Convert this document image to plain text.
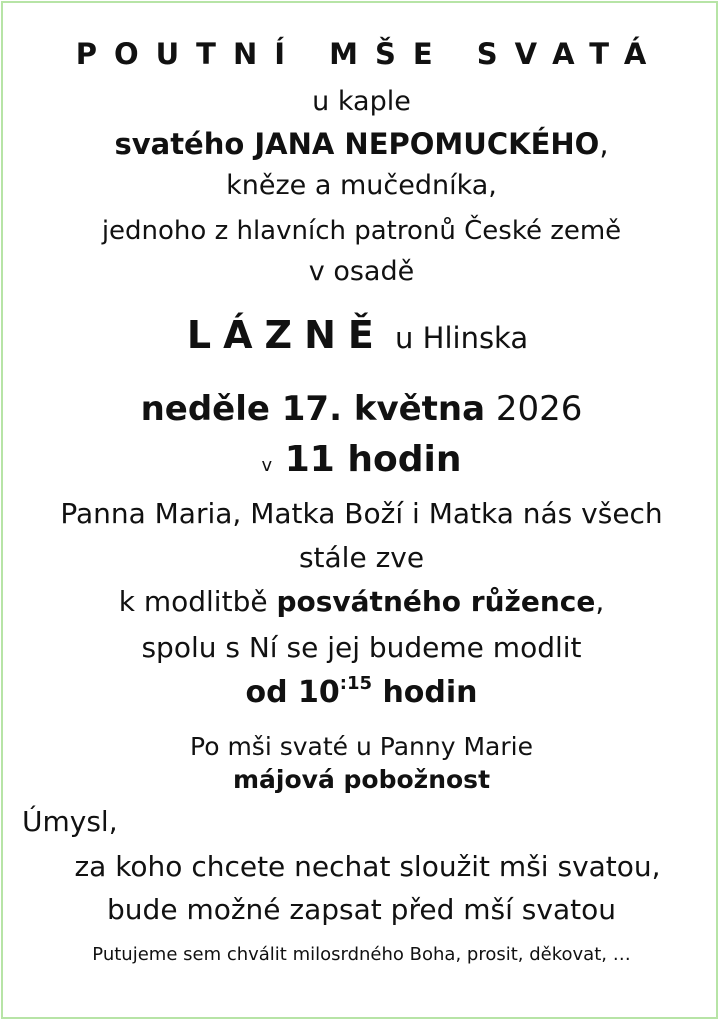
POUTNÍ MŠE SVATÁ
u kaple
svatého JANA NEPOMUCKÉHO,
kněze a mučedníka,
jednoho z hlavních patronů České země
v osadě
LÁZNĚ u Hlinska
neděle 17. května 2026
v 11 hodin
Panna Maria, Matka Boží i Matka nás všech
stále zve
k modlitbě posvátného růžence,
spolu s Ní se jej budeme modlit
od $10^{:15}$ hodin
Po mši svaté u Panny Marie
májová pobožnost
Úmysl,
za koho chcete nechat sloužit mši svatou,
bude možné zapsat před mší svatou
Putujeme sem chválit milosrdného Boha, prosit, děkovat, …
